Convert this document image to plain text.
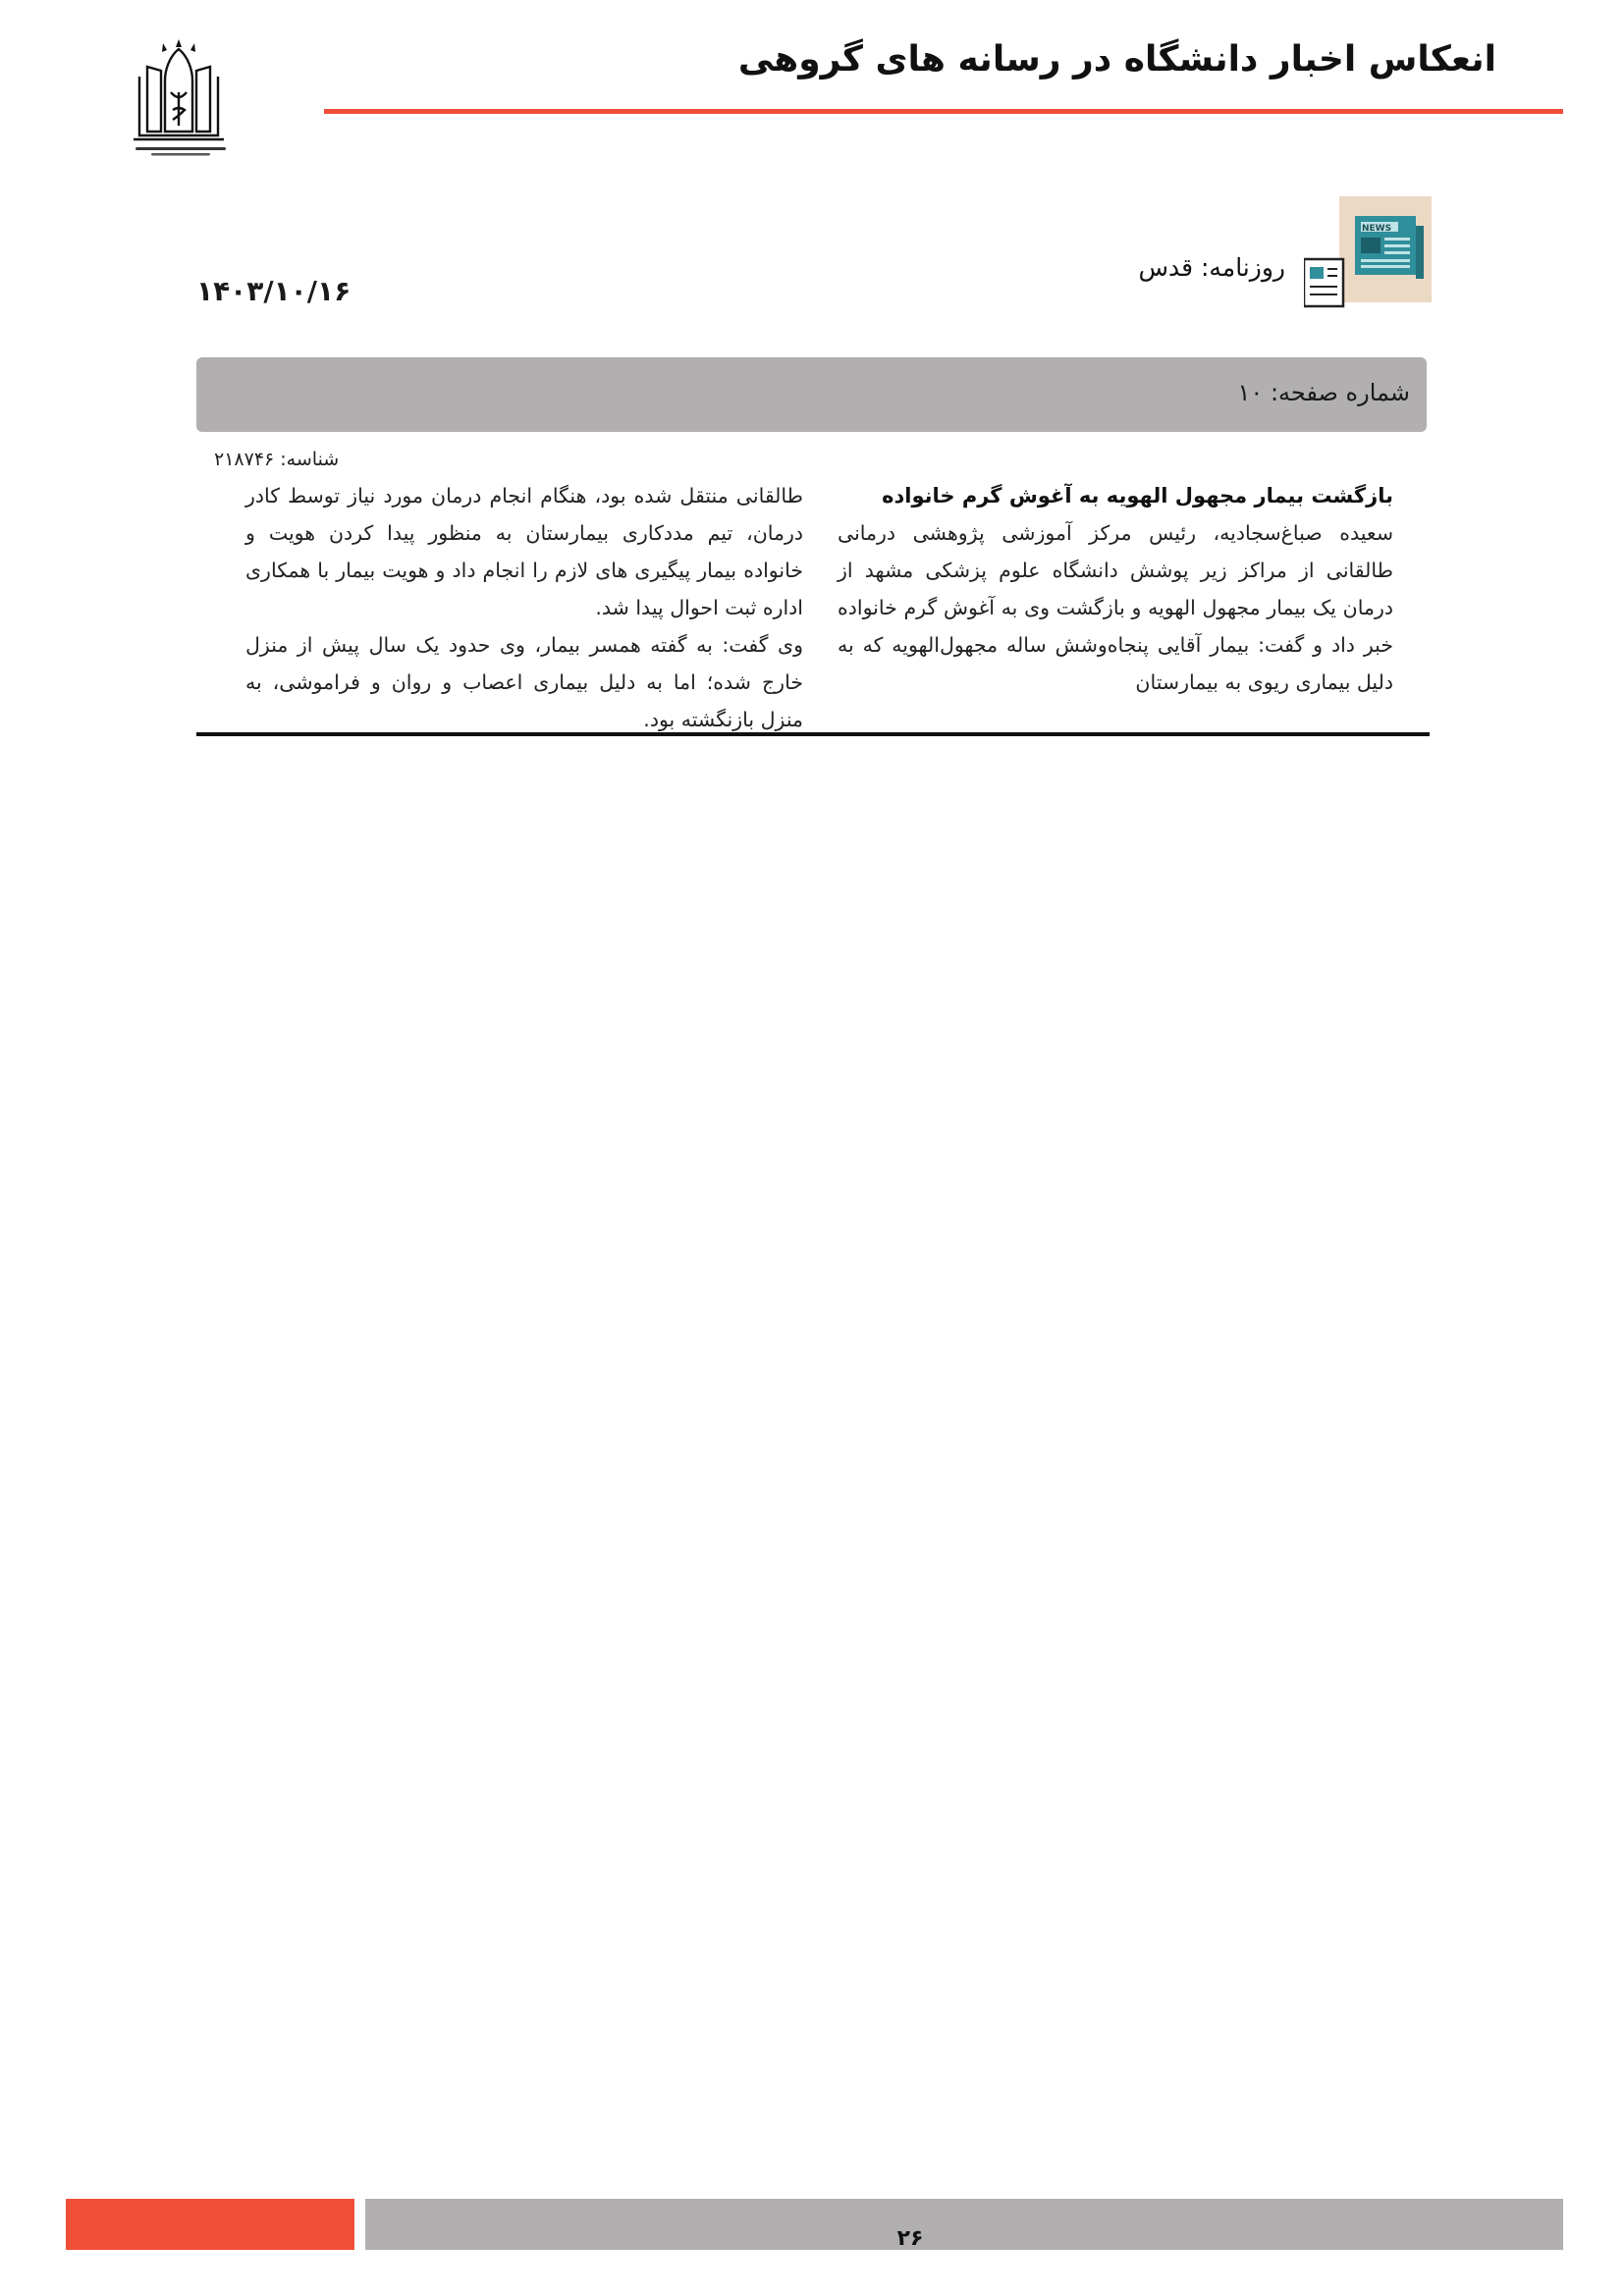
انعکاس اخبار دانشگاه در رسانه های گروهی
NEWS
روزنامه: قدس
۱۴۰۳/۱۰/۱۶
شماره صفحه: ۱۰
شناسه: ۲۱۸۷۴۶

بازگشت بیمار مجهول الهویه به آغوش گرم خانواده

سعیده صباغ‌سجادیه، رئیس مرکز آموزشی پژوهشی درمانی طالقانی از مراکز زیر پوشش دانشگاه علوم پزشکی مشهد از درمان یک بیمار مجهول الهویه و بازگشت وی به آغوش گرم خانواده خبر داد و گفت: بیمار آقایی پنجاه‌وشش ساله مجهول‌الهویه که به دلیل بیماری ریوی به بیمارستان

طالقانی منتقل شده بود، هنگام انجام درمان مورد نیاز توسط کادر درمان، تیم مددکاری بیمارستان به منظور پیدا کردن هویت و خانواده بیمار پیگیری های لازم را انجام داد و هویت بیمار با همکاری اداره ثبت احوال پیدا شد.

وی گفت: به گفته همسر بیمار، وی حدود یک سال پیش از منزل خارج شده؛ اما به دلیل بیماری اعصاب و روان و فراموشی، به منزل بازنگشته بود.

۲۶
